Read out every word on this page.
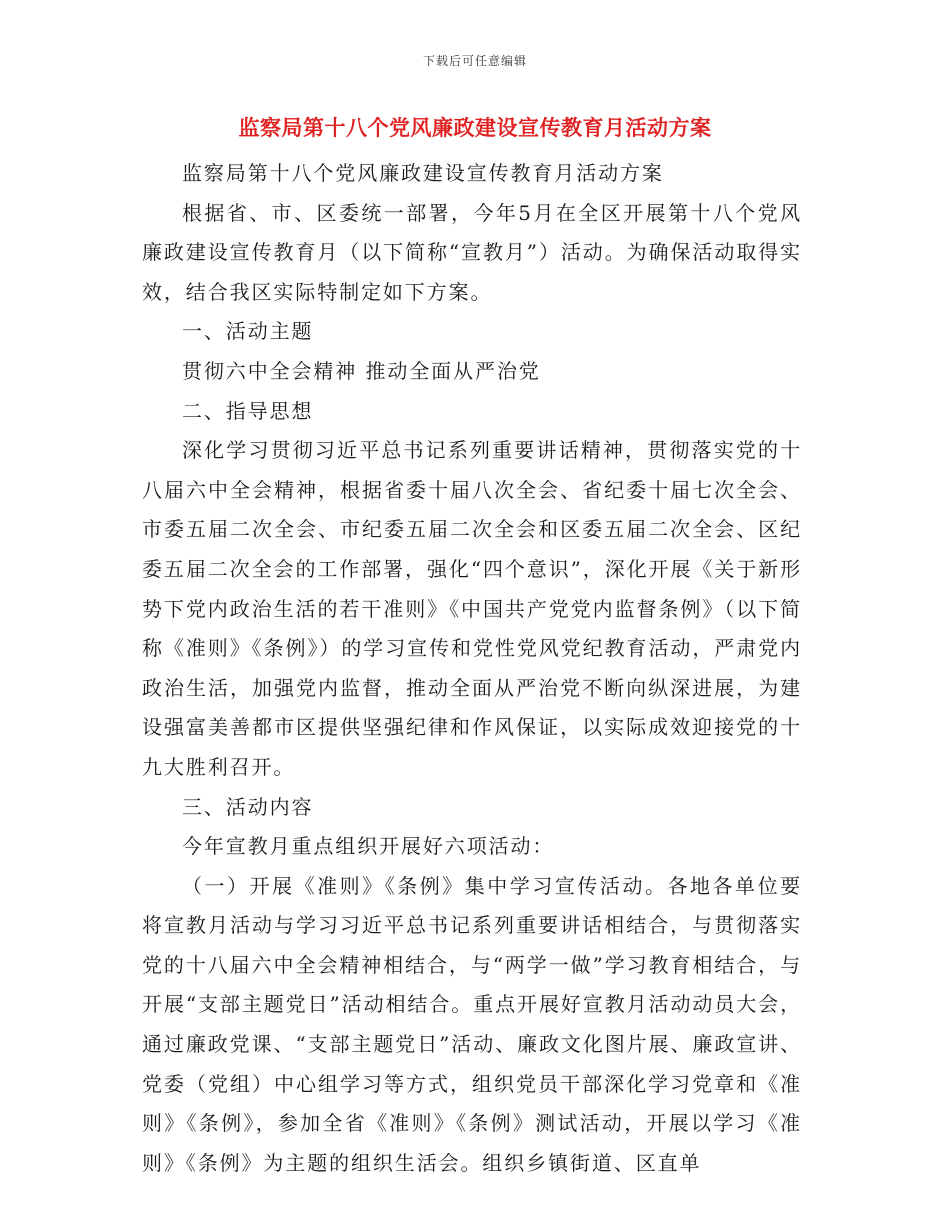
下载后可任意编辑
监察局第十八个党风廉政建设宣传教育月活动方案

监察局第十八个党风廉政建设宣传教育月活动方案

根据省、市、区委统一部署，今年5月在全区开展第十八个党风廉政建设宣传教育月（以下简称“宣教月”）活动。为确保活动取得实效，结合我区实际特制定如下方案。

一、活动主题

贯彻六中全会精神 推动全面从严治党

二、指导思想

深化学习贯彻习近平总书记系列重要讲话精神，贯彻落实党的十八届六中全会精神，根据省委十届八次全会、省纪委十届七次全会、市委五届二次全会、市纪委五届二次全会和区委五届二次全会、区纪委五届二次全会的工作部署，强化“四个意识”，深化开展《关于新形势下党内政治生活的若干准则》《中国共产党党内监督条例》（以下简称《准则》《条例》）的学习宣传和党性党风党纪教育活动，严肃党内政治生活，加强党内监督，推动全面从严治党不断向纵深进展，为建设强富美善都市区提供坚强纪律和作风保证，以实际成效迎接党的十九大胜利召开。

三、活动内容

今年宣教月重点组织开展好六项活动：

（一）开展《准则》《条例》集中学习宣传活动。各地各单位要将宣教月活动与学习习近平总书记系列重要讲话相结合，与贯彻落实党的十八届六中全会精神相结合，与“两学一做”学习教育相结合，与开展“支部主题党日”活动相结合。重点开展好宣教月活动动员大会，通过廉政党课、“支部主题党日”活动、廉政文化图片展、廉政宣讲、党委（党组）中心组学习等方式，组织党员干部深化学习党章和《准则》《条例》，参加全省《准则》《条例》测试活动，开展以学习《准则》《条例》为主题的组织生活会。组织乡镇街道、区直单
